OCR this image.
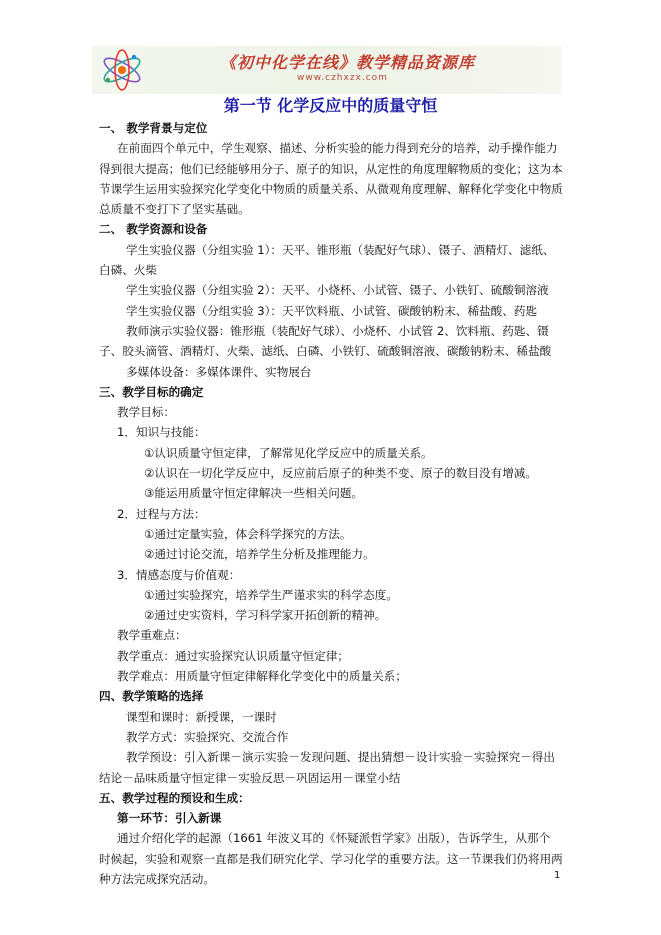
《初中化学在线》教学精品资源库
www.czhxzx.com
第一节 化学反应中的质量守恒
一、 教学背景与定位
在前面四个单元中，学生观察、描述、分析实验的能力得到充分的培养，动手操作能力
得到很大提高；他们已经能够用分子、原子的知识，从定性的角度理解物质的变化；这为本
节课学生运用实验探究化学变化中物质的质量关系、从微观角度理解、解释化学变化中物质
总质量不变打下了坚实基础。
二、 教学资源和设备
学生实验仪器（分组实验 1）：天平、锥形瓶（装配好气球）、镊子、酒精灯、滤纸、
白磷、火柴
学生实验仪器（分组实验 2）：天平、小烧杯、小试管、镊子、小铁钉、硫酸铜溶液
学生实验仪器（分组实验 3）：天平饮料瓶、小试管、碳酸钠粉末、稀盐酸、药匙
教师演示实验仪器：锥形瓶（装配好气球）、小烧杯、小试管 2、饮料瓶、药匙、镊
子、胶头滴管、酒精灯、火柴、滤纸、白磷、小铁钉、硫酸铜溶液、碳酸钠粉末、稀盐酸
多媒体设备：多媒体课件、实物展台
三、教学目标的确定
教学目标：
1．知识与技能：
①认识质量守恒定律，了解常见化学反应中的质量关系。
②认识在一切化学反应中，反应前后原子的种类不变、原子的数目没有增减。
③能运用质量守恒定律解决一些相关问题。
2．过程与方法：
①通过定量实验，体会科学探究的方法。
②通过讨论交流，培养学生分析及推理能力。
3．情感态度与价值观：
①通过实验探究，培养学生严谨求实的科学态度。
②通过史实资料，学习科学家开拓创新的精神。
教学重难点：
教学重点：通过实验探究认识质量守恒定律；
教学难点：用质量守恒定律解释化学变化中的质量关系；
四、教学策略的选择
课型和课时：新授课，一课时
教学方式：实验探究、交流合作
教学预设：引入新课－演示实验－发现问题、提出猜想－设计实验－实验探究－得出
结论－品味质量守恒定律－实验反思－巩固运用－课堂小结
五、教学过程的预设和生成：
第一环节：引入新课
通过介绍化学的起源（1661 年波义耳的《怀疑派哲学家》出版），告诉学生，从那个
时候起，实验和观察一直都是我们研究化学、学习化学的重要方法。这一节课我们仍将用两
种方法完成探究活动。	1
